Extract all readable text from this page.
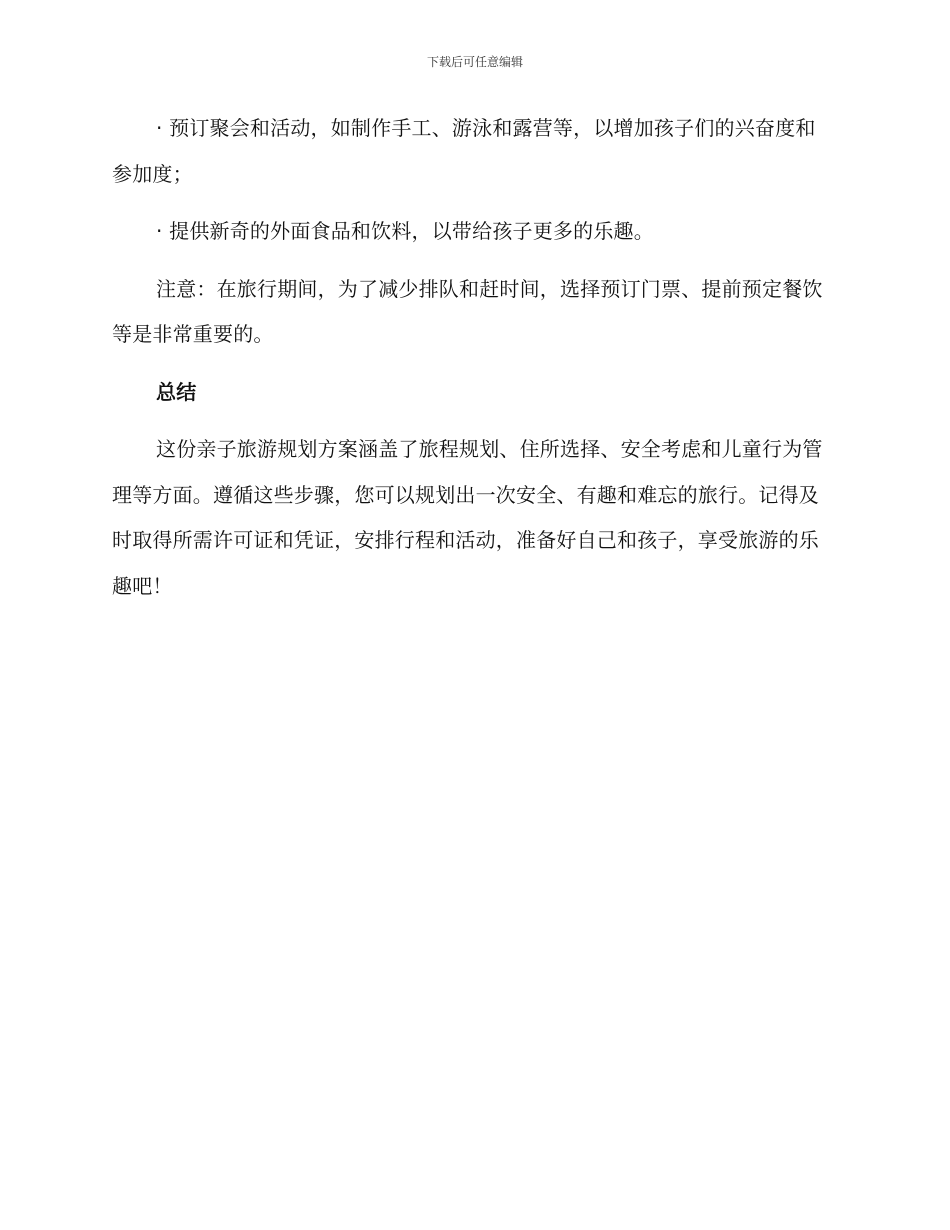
下载后可任意编辑

· 预订聚会和活动，如制作手工、游泳和露营等，以增加孩子们的兴奋度和参加度；

· 提供新奇的外面食品和饮料，以带给孩子更多的乐趣。

注意：在旅行期间，为了减少排队和赶时间，选择预订门票、提前预定餐饮等是非常重要的。

总结

这份亲子旅游规划方案涵盖了旅程规划、住所选择、安全考虑和儿童行为管理等方面。遵循这些步骤，您可以规划出一次安全、有趣和难忘的旅行。记得及时取得所需许可证和凭证，安排行程和活动，准备好自己和孩子，享受旅游的乐趣吧！
